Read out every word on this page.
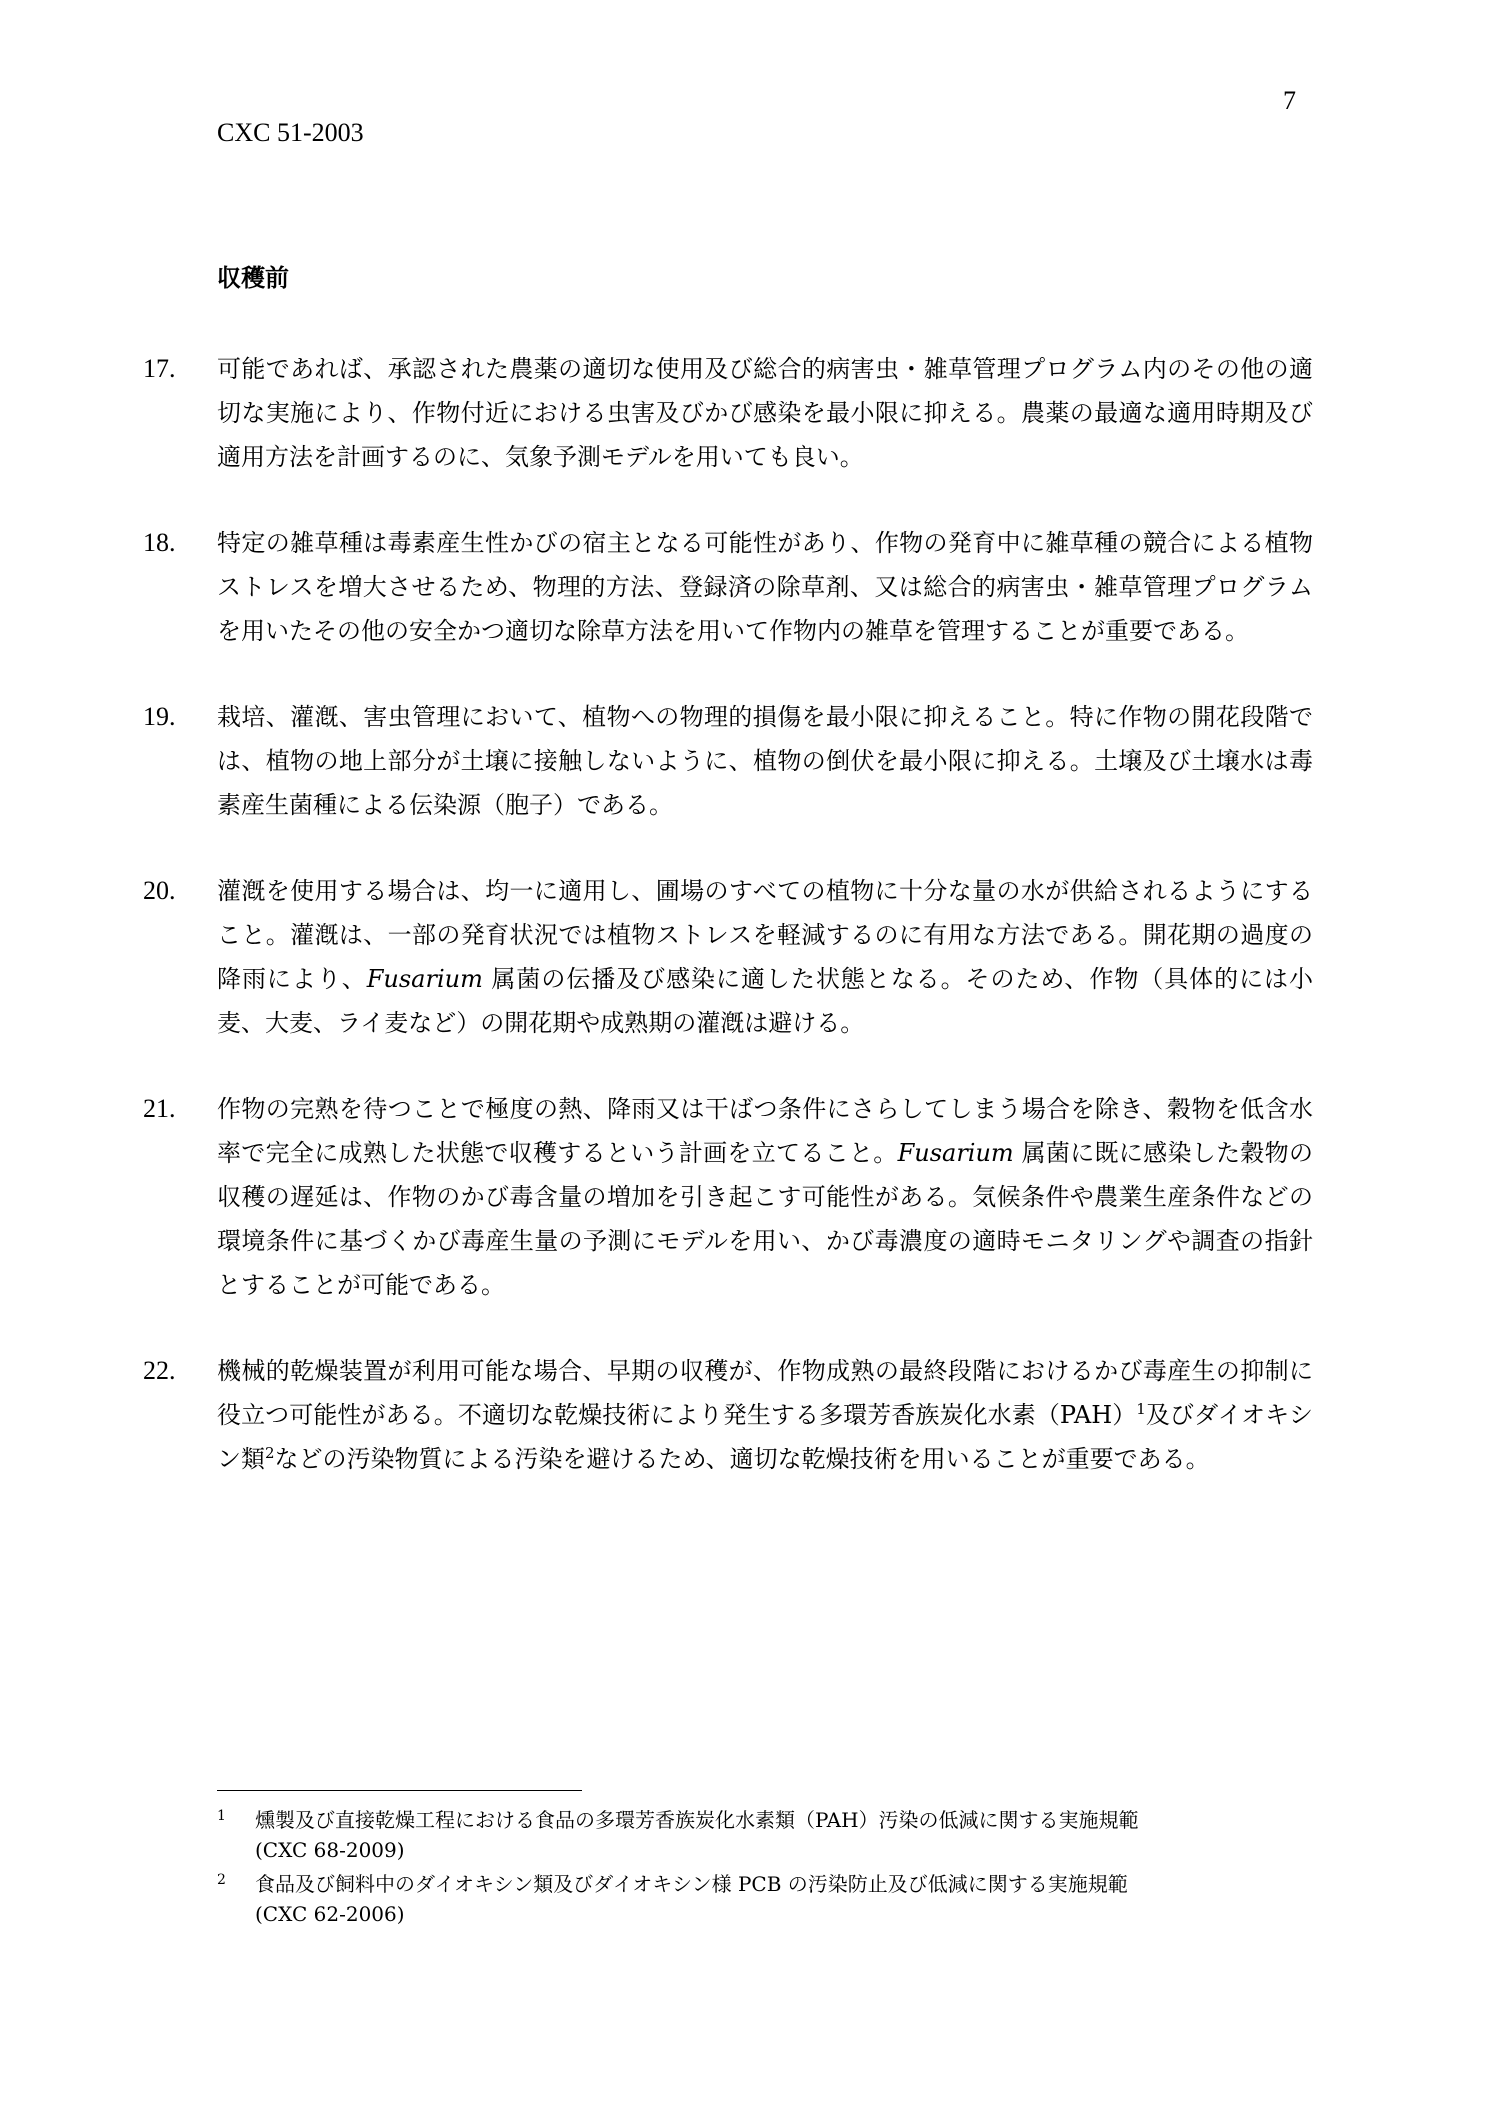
7
CXC 51-2003
収穫前
17. 可能であれば、承認された農薬の適切な使用及び総合的病害虫・雑草管理プログラム内のその他の適切な実施により、作物付近における虫害及びかび感染を最小限に抑える。農薬の最適な適用時期及び適用方法を計画するのに、気象予測モデルを用いても良い。
18. 特定の雑草種は毒素産生性かびの宿主となる可能性があり、作物の発育中に雑草種の競合による植物ストレスを増大させるため、物理的方法、登録済の除草剤、又は総合的病害虫・雑草管理プログラムを用いたその他の安全かつ適切な除草方法を用いて作物内の雑草を管理することが重要である。
19. 栽培、灌漑、害虫管理において、植物への物理的損傷を最小限に抑えること。特に作物の開花段階では、植物の地上部分が土壌に接触しないように、植物の倒伏を最小限に抑える。土壌及び土壌水は毒素産生菌種による伝染源（胞子）である。
20. 灌漑を使用する場合は、均一に適用し、圃場のすべての植物に十分な量の水が供給されるようにすること。灌漑は、一部の発育状況では植物ストレスを軽減するのに有用な方法である。開花期の過度の降雨により、Fusarium 属菌の伝播及び感染に適した状態となる。そのため、作物（具体的には小麦、大麦、ライ麦など）の開花期や成熟期の灌漑は避ける。
21. 作物の完熟を待つことで極度の熱、降雨又は干ばつ条件にさらしてしまう場合を除き、穀物を低含水率で完全に成熟した状態で収穫するという計画を立てること。Fusarium 属菌に既に感染した穀物の収穫の遅延は、作物のかび毒含量の増加を引き起こす可能性がある。気候条件や農業生産条件などの環境条件に基づくかび毒産生量の予測にモデルを用い、かび毒濃度の適時モニタリングや調査の指針とすることが可能である。
22. 機械的乾燥装置が利用可能な場合、早期の収穫が、作物成熟の最終段階におけるかび毒産生の抑制に役立つ可能性がある。不適切な乾燥技術により発生する多環芳香族炭化水素（PAH）$^1$及びダイオキシン類$^2$などの汚染物質による汚染を避けるため、適切な乾燥技術を用いることが重要である。
1 燻製及び直接乾燥工程における食品の多環芳香族炭化水素類（PAH）汚染の低減に関する実施規範
(CXC 68-2009)
2 食品及び飼料中のダイオキシン類及びダイオキシン様 PCB の汚染防止及び低減に関する実施規範
(CXC 62-2006)
